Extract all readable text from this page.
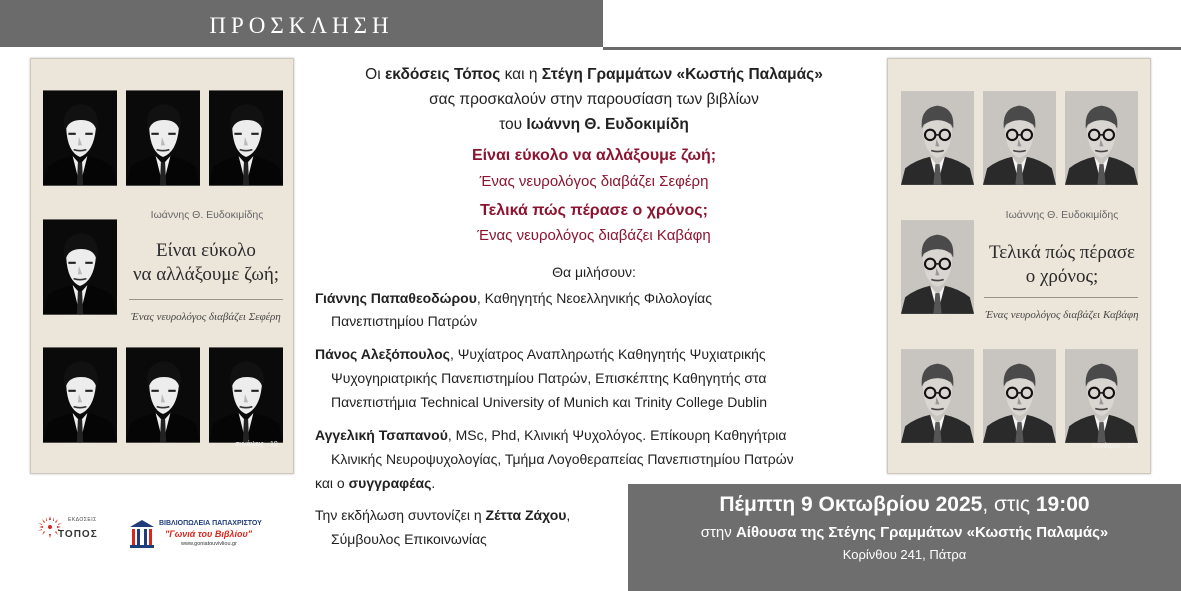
ΠΡΟΣΚΛΗΣΗ
Ιωάννης Θ. Ευδοκιμίδης
Είναι εύκολο
να αλλάξουμε ζωή;
Ένας νευρολόγος διαβάζει Σεφέρη
συνάψεις · 19
Ιωάννης Θ. Ευδοκιμίδης
Τελικά πώς πέρασε
ο χρόνος;
Ένας νευρολόγος διαβάζει Καβάφη
συνάψεις · 20
Οι εκδόσεις Τόπος και η Στέγη Γραμμάτων «Κωστής Παλαμάς»
σας προσκαλούν στην παρουσίαση των βιβλίων
του Ιωάννη Θ. Ευδοκιμίδη
Είναι εύκολο να αλλάξουμε ζωή;
Ένας νευρολόγος διαβάζει Σεφέρη
Τελικά πώς πέρασε ο χρόνος;
Ένας νευρολόγος διαβάζει Καβάφη
Θα μιλήσουν:
Γιάννης Παπαθεοδώρου, Καθηγητής Νεοελληνικής Φιλολογίας
Πανεπιστημίου Πατρών
Πάνος Αλεξόπουλος, Ψυχίατρος Αναπληρωτής Καθηγητής Ψυχιατρικής
Ψυχογηριατρικής Πανεπιστημίου Πατρών, Επισκέπτης Καθηγητής στα
Πανεπιστήμια Technical University of Munich και Trinity College Dublin
Αγγελική Τσαπανού, MSc, Phd, Κλινική Ψυχολόγος. Επίκουρη Καθηγήτρια
Κλινικής Νευροψυχολογίας, Τμήμα Λογοθεραπείας Πανεπιστημίου Πατρών
και ο συγγραφέας.
Την εκδήλωση συντονίζει η Ζέττα Ζάχου,
Σύμβουλος Επικοινωνίας
Πέμπτη 9 Οκτωβρίου 2025, στις 19:00
στην Αίθουσα της Στέγης Γραμμάτων «Κωστής Παλαμάς»
Κορίνθου 241, Πάτρα
ΕΚΔΟΣΕΙΣ
ΤΟΠΟΣ
ΒΙΒΛΙΟΠΩΛΕΙΑ ΠΑΠΑΧΡΙΣΤΟΥ
"Γωνιά του Βιβλίου"
www.goniatouvivliou.gr
